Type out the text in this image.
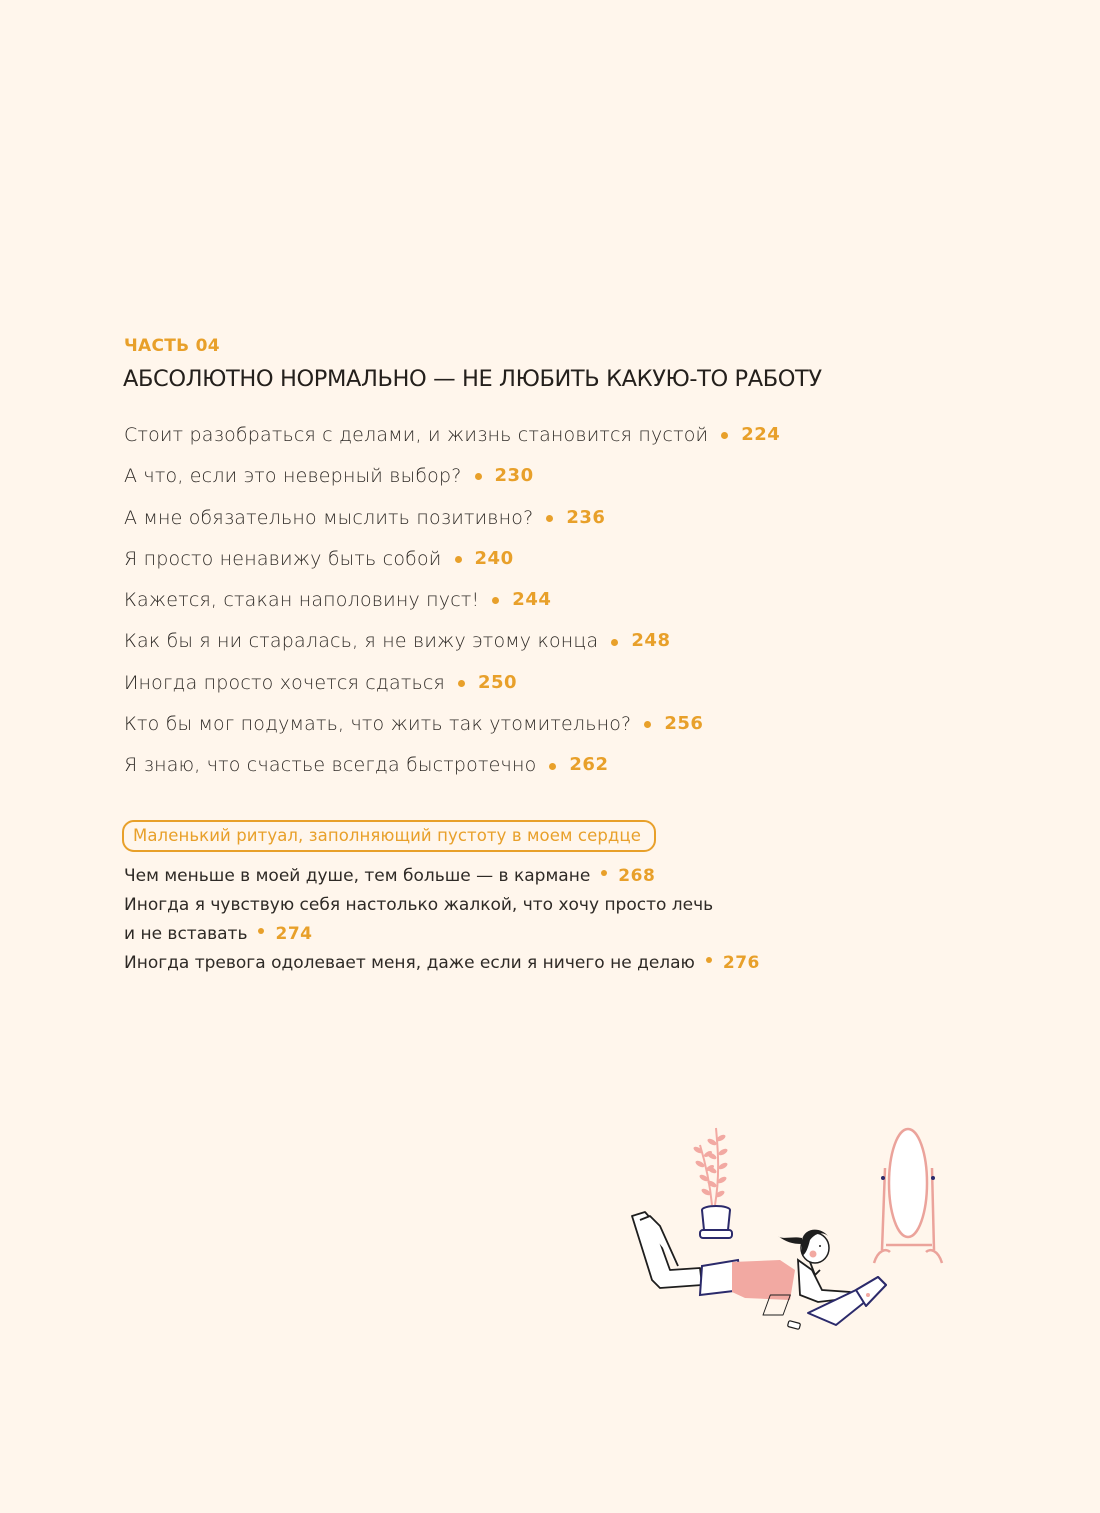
ЧАСТЬ 04
АБСОЛЮТНО НОРМАЛЬНО — НЕ ЛЮБИТЬ КАКУЮ-ТО РАБОТУ
Стоит разобраться с делами, и жизнь становится пустой 224
А что, если это неверный выбор? 230
А мне обязательно мыслить позитивно? 236
Я просто ненавижу быть собой 240
Кажется, стакан наполовину пуст! 244
Как бы я ни старалась, я не вижу этому конца 248
Иногда просто хочется сдаться 250
Кто бы мог подумать, что жить так утомительно? 256
Я знаю, что счастье всегда быстротечно 262
Маленький ритуал, заполняющий пустоту в моем сердце
Чем меньше в моей душе, тем больше — в кармане 268
Иногда я чувствую себя настолько жалкой, что хочу просто лечь
и не вставать 274
Иногда тревога одолевает меня, даже если я ничего не делаю 276
